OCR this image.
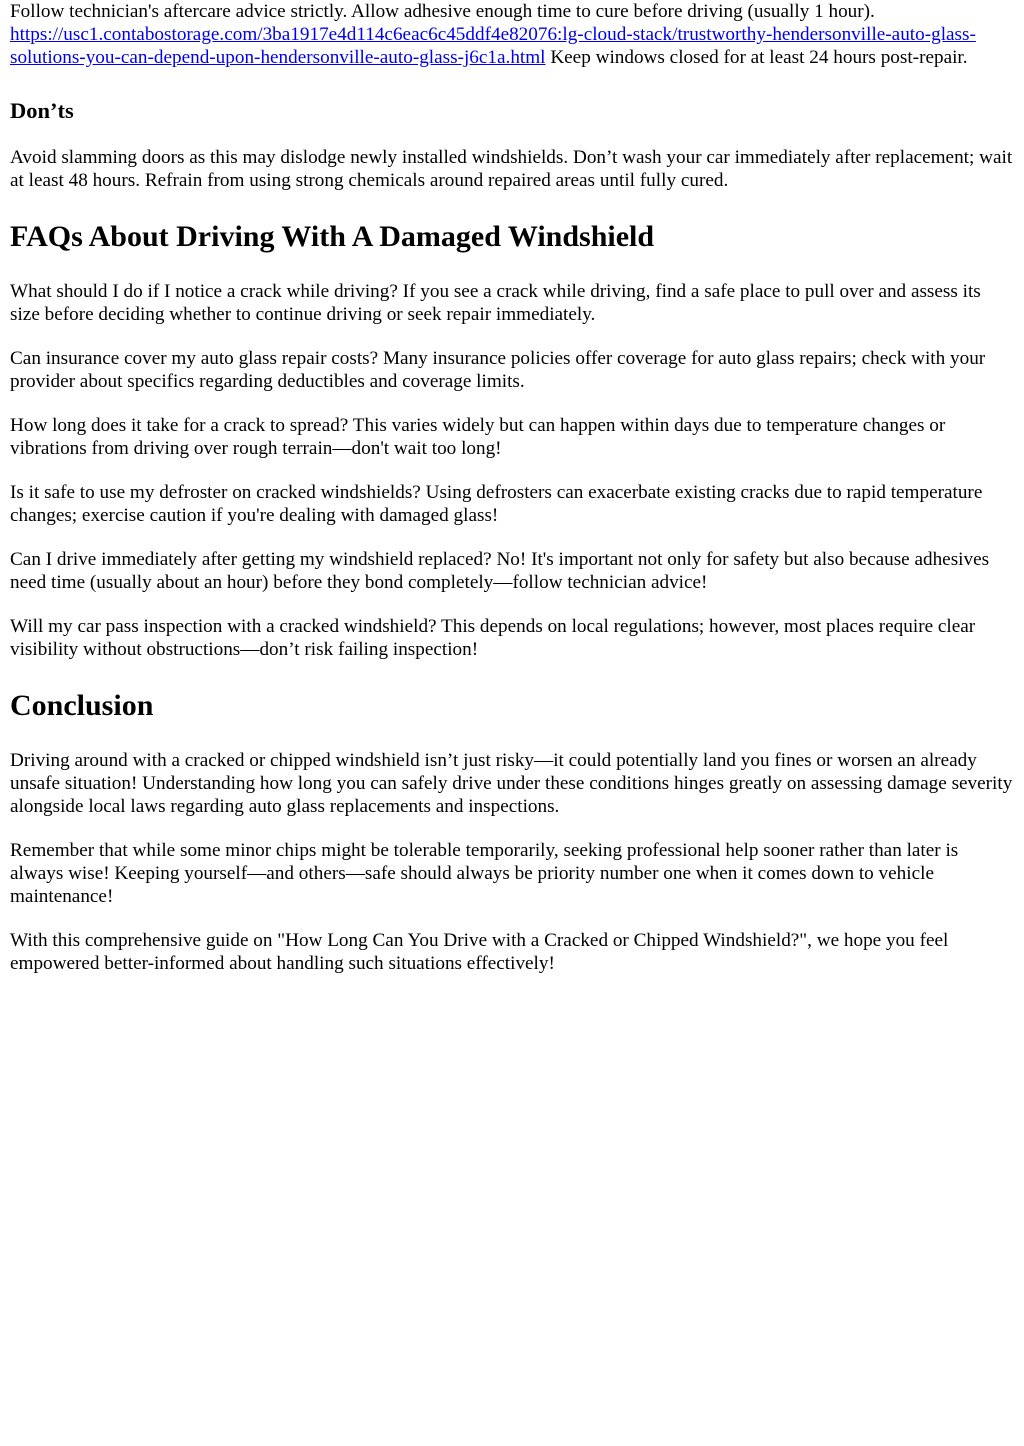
Follow technician's aftercare advice strictly. Allow adhesive enough time to cure before driving (usually 1 hour).
https://usc1.contabostorage.com/3ba1917e4d114c6eac6c45ddf4e82076:lg-cloud-stack/trustworthy-hendersonville-auto-glass-solutions-you-can-depend-upon-hendersonville-auto-glass-j6c1a.html Keep windows closed for at least 24 hours post-repair.

Don’ts

Avoid slamming doors as this may dislodge newly installed windshields. Don’t wash your car immediately after replacement; wait at least 48 hours. Refrain from using strong chemicals around repaired areas until fully cured.

FAQs About Driving With A Damaged Windshield

What should I do if I notice a crack while driving? If you see a crack while driving, find a safe place to pull over and assess its size before deciding whether to continue driving or seek repair immediately.

Can insurance cover my auto glass repair costs? Many insurance policies offer coverage for auto glass repairs; check with your provider about specifics regarding deductibles and coverage limits.

How long does it take for a crack to spread? This varies widely but can happen within days due to temperature changes or vibrations from driving over rough terrain—don't wait too long!

Is it safe to use my defroster on cracked windshields? Using defrosters can exacerbate existing cracks due to rapid temperature changes; exercise caution if you're dealing with damaged glass!

Can I drive immediately after getting my windshield replaced? No! It's important not only for safety but also because adhesives need time (usually about an hour) before they bond completely—follow technician advice!

Will my car pass inspection with a cracked windshield? This depends on local regulations; however, most places require clear visibility without obstructions—don’t risk failing inspection!

Conclusion

Driving around with a cracked or chipped windshield isn’t just risky—it could potentially land you fines or worsen an already unsafe situation! Understanding how long you can safely drive under these conditions hinges greatly on assessing damage severity alongside local laws regarding auto glass replacements and inspections.

Remember that while some minor chips might be tolerable temporarily, seeking professional help sooner rather than later is always wise! Keeping yourself—and others—safe should always be priority number one when it comes down to vehicle maintenance!

With this comprehensive guide on "How Long Can You Drive with a Cracked or Chipped Windshield?", we hope you feel empowered better-informed about handling such situations effectively!
